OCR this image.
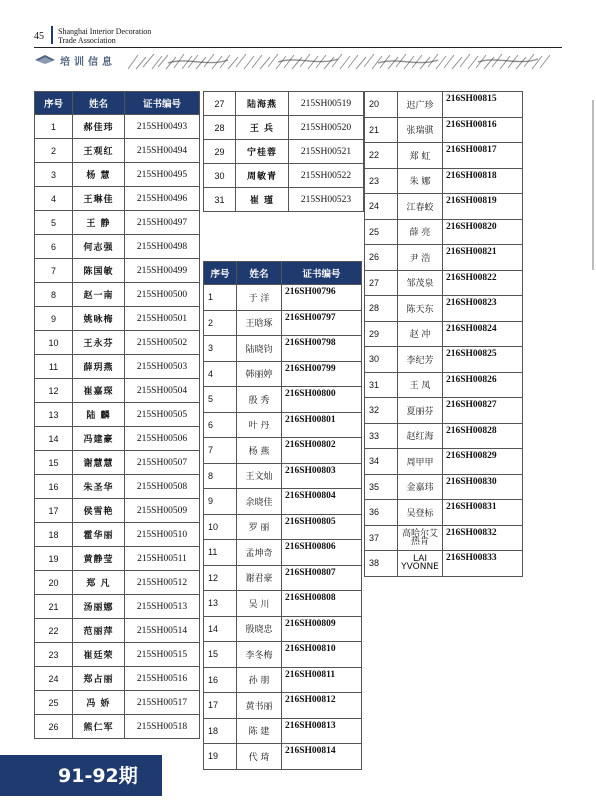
45 Shanghai Interior Decoration
Trade Association
培训信息
序号	姓名	证书编号
1	郝佳玮	215SH00493
2	王观红	215SH00494
3	杨 慧	215SH00495
4	王琳佳	215SH00496
5	王 静	215SH00497
6	何志强	215SH00498
7	陈国敏	215SH00499
8	赵一南	215SH00500
9	姚咏梅	215SH00501
10	王永芬	215SH00502
11	薛玥燕	215SH00503
12	崔嘉琛	215SH00504
13	陆 麟	215SH00505
14	冯建豪	215SH00506
15	谢慧慧	215SH00507
16	朱圣华	215SH00508
17	侯雪艳	215SH00509
18	霍华丽	215SH00510
19	黄静莹	215SH00511
20	郑 凡	215SH00512
21	汤丽娜	215SH00513
22	范丽萍	215SH00514
23	崔廷荣	215SH00515
24	郑占丽	215SH00516
25	冯 娇	215SH00517
26	熊仁军	215SH00518
27	陆海燕	215SH00519
28	王 兵	215SH00520
29	宁桂蓉	215SH00521
30	周敏青	215SH00522
31	崔 瑾	215SH00523
序号	姓名	证书编号
1	于 洋	216SH00796
2	王晗琢	216SH00797
3	陆晓钧	216SH00798
4	韩丽婷	216SH00799
5	殷 秀	216SH00800
6	叶 丹	216SH00801
7	杨 燕	216SH00802
8	王文灿	216SH00803
9	余晓佳	216SH00804
10	罗 丽	216SH00805
11	孟坤奇	216SH00806
12	谢君豪	216SH00807
13	吴 川	216SH00808
14	殷晓忠	216SH00809
15	李冬梅	216SH00810
16	孙 朋	216SH00811
17	黄书丽	216SH00812
18	陈 建	216SH00813
19	代 琦	216SH00814
20	迟广珍	216SH00815
21	张瑞骐	216SH00816
22	郑 虹	216SH00817
23	朱 娜	216SH00818
24	江春蛟	216SH00819
25	薛 亮	216SH00820
26	尹 浩	216SH00821
27	邹茂泉	216SH00822
28	陈天东	216SH00823
29	赵 冲	216SH00824
30	李纪芳	216SH00825
31	王 凤	216SH00826
32	夏丽芬	216SH00827
33	赵红海	216SH00828
34	周甲甲	216SH00829
35	金嘉玮	216SH00830
36	吴登标	216SH00831
37	高哈尔艾热肯	216SH00832
38	LAI YVONNE	216SH00833
91-92期
